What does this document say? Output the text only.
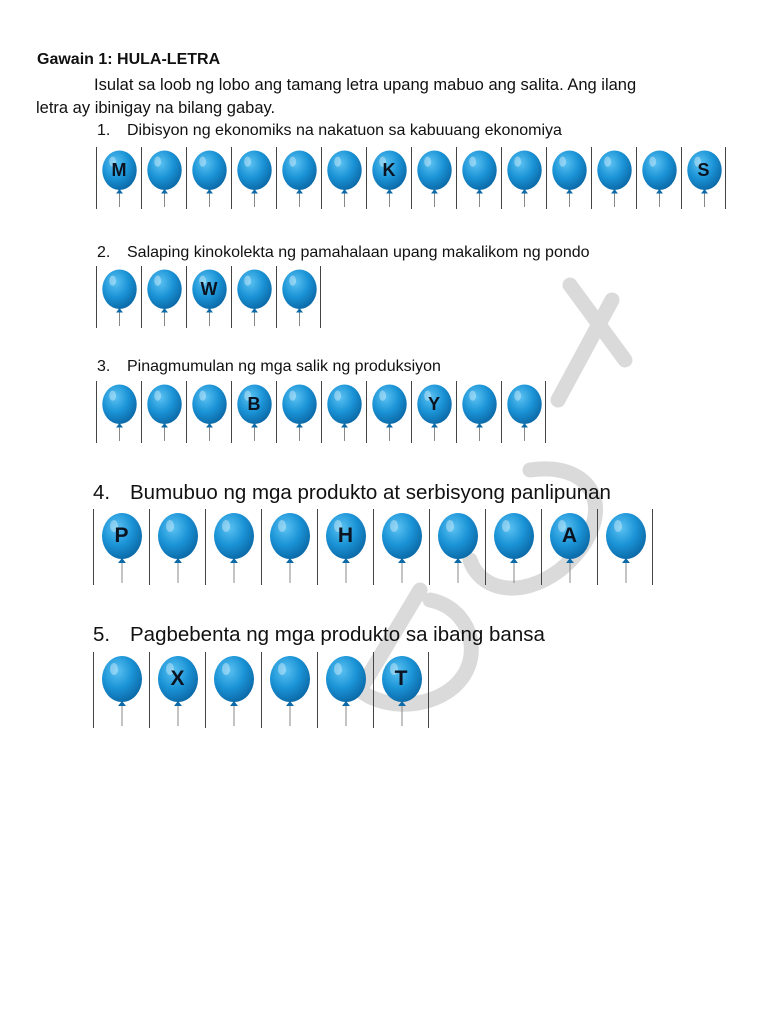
Gawain 1: HULA-LETRA
Isulat sa loob ng lobo ang tamang letra upang mabuo ang salita. Ang ilang
letra ay ibinigay na bilang gabay.
1. Dibisyon ng ekonomiks na nakatuon sa kabuuang ekonomiya
M	K	S
2. Salaping kinokolekta ng pamahalaan upang makalikom ng pondo
W
3. Pinagmumulan ng mga salik ng produksiyon
B	Y
4. Bumubuo ng mga produkto at serbisyong panlipunan
P	H	A
5. Pagbebenta ng mga produkto sa ibang bansa
X	T
